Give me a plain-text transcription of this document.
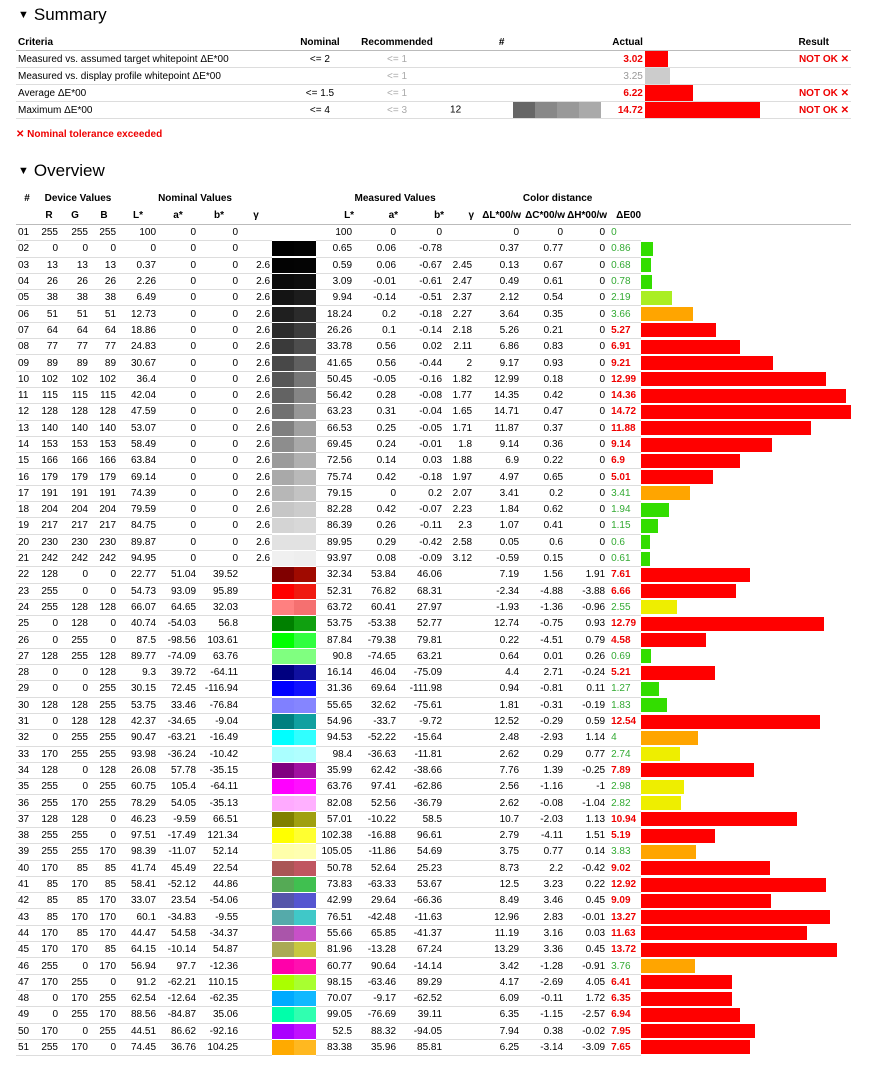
▼ Summary
Criteria	Nominal	Recommended	#	Actual		Result
Measured vs. assumed target whitepoint ΔE*00	<= 2	<= 1		3.02		NOT OK ✕
Measured vs. display profile whitepoint ΔE*00		<= 1		3.25	

Average ΔE*00	<= 1.5	<= 1		6.22		NOT OK ✕
Maximum ΔE*00	<= 4	<= 3	12	14.72		NOT OK ✕
✕ Nominal tolerance exceeded
▼ Overview
#	Device Values			Nominal Values					Measured Values				Color distance				
	R	G	B	L*	a*	b*	γ		L*	a*	b*	γ	ΔL*00/w	ΔC*00/w	ΔH*00/w	ΔE00	
01	255	255	255	100	0	0			100	0	0		0	0	0	0	

02	0	0	0	0	0	0			0.65	0.06	-0.78		0.37	0.77	0	0.86	

03	13	13	13	0.37	0	0	2.6		0.59	0.06	-0.67	2.45	0.13	0.67	0	0.68	

04	26	26	26	2.26	0	0	2.6		3.09	-0.01	-0.61	2.47	0.49	0.61	0	0.78	

05	38	38	38	6.49	0	0	2.6		9.94	-0.14	-0.51	2.37	2.12	0.54	0	2.19	

06	51	51	51	12.73	0	0	2.6		18.24	0.2	-0.18	2.27	3.64	0.35	0	3.66	

07	64	64	64	18.86	0	0	2.6		26.26	0.1	-0.14	2.18	5.26	0.21	0	5.27	

08	77	77	77	24.83	0	0	2.6		33.78	0.56	0.02	2.11	6.86	0.83	0	6.91	

09	89	89	89	30.67	0	0	2.6		41.65	0.56	-0.44	2	9.17	0.93	0	9.21	

10	102	102	102	36.4	0	0	2.6		50.45	-0.05	-0.16	1.82	12.99	0.18	0	12.99	

11	115	115	115	42.04	0	0	2.6		56.42	0.28	-0.08	1.77	14.35	0.42	0	14.36	

12	128	128	128	47.59	0	0	2.6		63.23	0.31	-0.04	1.65	14.71	0.47	0	14.72	

13	140	140	140	53.07	0	0	2.6		66.53	0.25	-0.05	1.71	11.87	0.37	0	11.88	

14	153	153	153	58.49	0	0	2.6		69.45	0.24	-0.01	1.8	9.14	0.36	0	9.14	

15	166	166	166	63.84	0	0	2.6		72.56	0.14	0.03	1.88	6.9	0.22	0	6.9	

16	179	179	179	69.14	0	0	2.6		75.74	0.42	-0.18	1.97	4.97	0.65	0	5.01	

17	191	191	191	74.39	0	0	2.6		79.15	0	0.2	2.07	3.41	0.2	0	3.41	

18	204	204	204	79.59	0	0	2.6		82.28	0.42	-0.07	2.23	1.84	0.62	0	1.94	

19	217	217	217	84.75	0	0	2.6		86.39	0.26	-0.11	2.3	1.07	0.41	0	1.15	

20	230	230	230	89.87	0	0	2.6		89.95	0.29	-0.42	2.58	0.05	0.6	0	0.6	

21	242	242	242	94.95	0	0	2.6		93.97	0.08	-0.09	3.12	-0.59	0.15	0	0.61	

22	128	0	0	22.77	51.04	39.52			32.34	53.84	46.06		7.19	1.56	1.91	7.61	

23	255	0	0	54.73	93.09	95.89			52.31	76.82	68.31		-2.34	-4.88	-3.88	6.66	

24	255	128	128	66.07	64.65	32.03			63.72	60.41	27.97		-1.93	-1.36	-0.96	2.55	

25	0	128	0	40.74	-54.03	56.8			53.75	-53.38	52.77		12.74	-0.75	0.93	12.79	

26	0	255	0	87.5	-98.56	103.61			87.84	-79.38	79.81		0.22	-4.51	0.79	4.58	

27	128	255	128	89.77	-74.09	63.76			90.8	-74.65	63.21		0.64	0.01	0.26	0.69	

28	0	0	128	9.3	39.72	-64.11			16.14	46.04	-75.09		4.4	2.71	-0.24	5.21	

29	0	0	255	30.15	72.45	-116.94			31.36	69.64	-111.98		0.94	-0.81	0.11	1.27	

30	128	128	255	53.75	33.46	-76.84			55.65	32.62	-75.61		1.81	-0.31	-0.19	1.83	

31	0	128	128	42.37	-34.65	-9.04			54.96	-33.7	-9.72		12.52	-0.29	0.59	12.54	

32	0	255	255	90.47	-63.21	-16.49			94.53	-52.22	-15.64		2.48	-2.93	1.14	4	

33	170	255	255	93.98	-36.24	-10.42			98.4	-36.63	-11.81		2.62	0.29	0.77	2.74	

34	128	0	128	26.08	57.78	-35.15			35.99	62.42	-38.66		7.76	1.39	-0.25	7.89	

35	255	0	255	60.75	105.4	-64.11			63.76	97.41	-62.86		2.56	-1.16	-1	2.98	

36	255	170	255	78.29	54.05	-35.13			82.08	52.56	-36.79		2.62	-0.08	-1.04	2.82	

37	128	128	0	46.23	-9.59	66.51			57.01	-10.22	58.5		10.7	-2.03	1.13	10.94	

38	255	255	0	97.51	-17.49	121.34			102.38	-16.88	96.61		2.79	-4.11	1.51	5.19	

39	255	255	170	98.39	-11.07	52.14			105.05	-11.86	54.69		3.75	0.77	0.14	3.83	

40	170	85	85	41.74	45.49	22.54			50.78	52.64	25.23		8.73	2.2	-0.42	9.02	

41	85	170	85	58.41	-52.12	44.86			73.83	-63.33	53.67		12.5	3.23	0.22	12.92	

42	85	85	170	33.07	23.54	-54.06			42.99	29.64	-66.36		8.49	3.46	0.45	9.09	

43	85	170	170	60.1	-34.83	-9.55			76.51	-42.48	-11.63		12.96	2.83	-0.01	13.27	

44	170	85	170	44.47	54.58	-34.37			55.66	65.85	-41.37		11.19	3.16	0.03	11.63	

45	170	170	85	64.15	-10.14	54.87			81.96	-13.28	67.24		13.29	3.36	0.45	13.72	

46	255	0	170	56.94	97.7	-12.36			60.77	90.64	-14.14		3.42	-1.28	-0.91	3.76	

47	170	255	0	91.2	-62.21	110.15			98.15	-63.46	89.29		4.17	-2.69	4.05	6.41	

48	0	170	255	62.54	-12.64	-62.35			70.07	-9.17	-62.52		6.09	-0.11	1.72	6.35	

49	0	255	170	88.56	-84.87	35.06			99.05	-76.69	39.11		6.35	-1.15	-2.57	6.94	

50	170	0	255	44.51	86.62	-92.16			52.5	88.32	-94.05		7.94	0.38	-0.02	7.95	

51	255	170	0	74.45	36.76	104.25			83.38	35.96	85.81		6.25	-3.14	-3.09	7.65	
